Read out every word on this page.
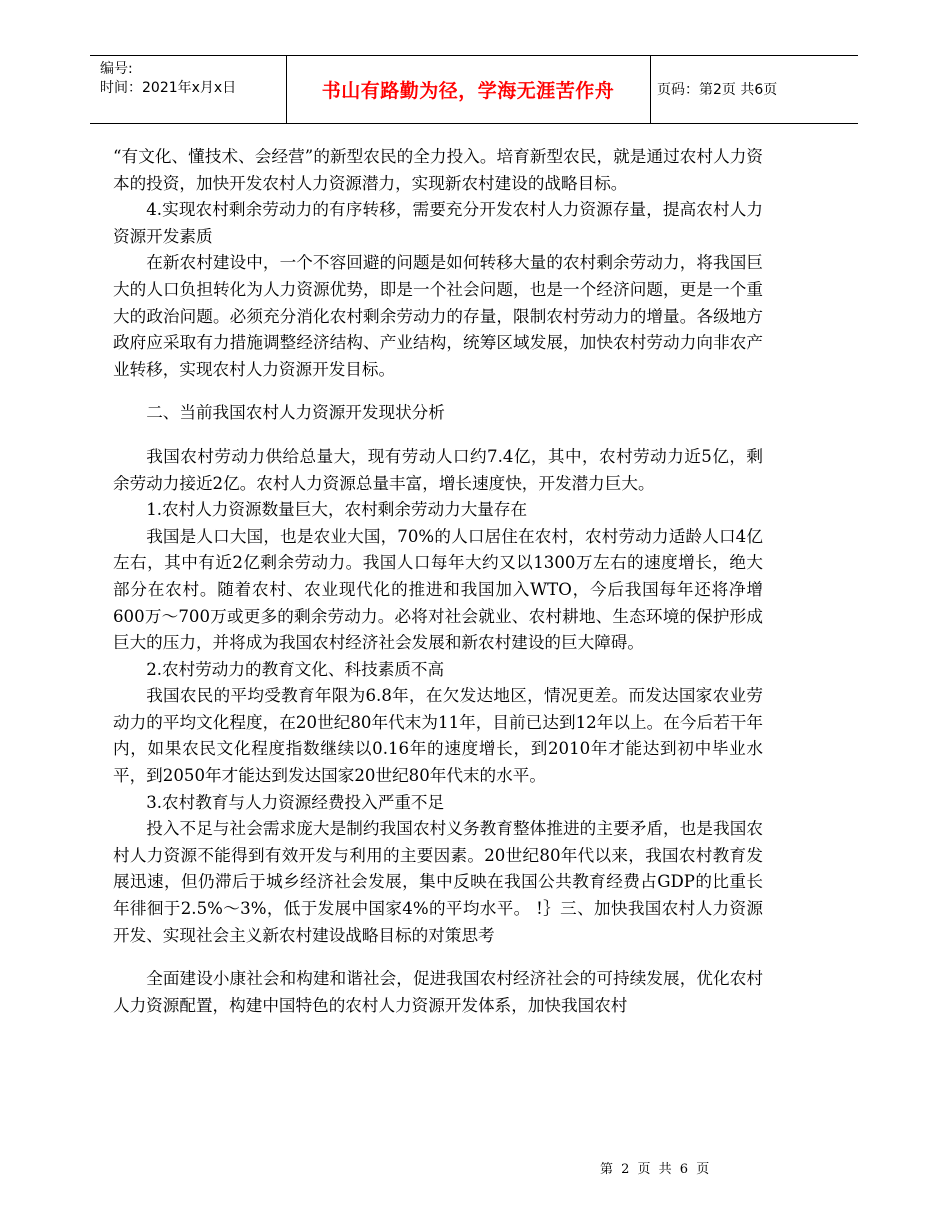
编号:
时间：2021年x月x日	书山有路勤为径，学海无涯苦作舟	页码：第2页 共6页

“有文化、懂技术、会经营”的新型农民的全力投入。培育新型农民，就是通过农村人力资本的投资，加快开发农村人力资源潜力，实现新农村建设的战略目标。

4.实现农村剩余劳动力的有序转移，需要充分开发农村人力资源存量，提高农村人力资源开发素质

在新农村建设中，一个不容回避的问题是如何转移大量的农村剩余劳动力，将我国巨大的人口负担转化为人力资源优势，即是一个社会问题，也是一个经济问题，更是一个重大的政治问题。必须充分消化农村剩余劳动力的存量，限制农村劳动力的增量。各级地方政府应采取有力措施调整经济结构、产业结构，统筹区域发展，加快农村劳动力向非农产业转移，实现农村人力资源开发目标。

二、当前我国农村人力资源开发现状分析

我国农村劳动力供给总量大，现有劳动人口约7.4亿，其中，农村劳动力近5亿，剩余劳动力接近2亿。农村人力资源总量丰富，增长速度快，开发潜力巨大。

1.农村人力资源数量巨大，农村剩余劳动力大量存在

我国是人口大国，也是农业大国，70%的人口居住在农村，农村劳动力适龄人口4亿左右，其中有近2亿剩余劳动力。我国人口每年大约又以1300万左右的速度增长，绝大部分在农村。随着农村、农业现代化的推进和我国加入WTO，今后我国每年还将净增600万～700万或更多的剩余劳动力。必将对社会就业、农村耕地、生态环境的保护形成巨大的压力，并将成为我国农村经济社会发展和新农村建设的巨大障碍。

2.农村劳动力的教育文化、科技素质不高

我国农民的平均受教育年限为6.8年，在欠发达地区，情况更差。而发达国家农业劳动力的平均文化程度，在20世纪80年代末为11年，目前已达到12年以上。在今后若干年内，如果农民文化程度指数继续以0.16年的速度增长，到2010年才能达到初中毕业水平，到2050年才能达到发达国家20世纪80年代末的水平。

3.农村教育与人力资源经费投入严重不足

投入不足与社会需求庞大是制约我国农村义务教育整体推进的主要矛盾，也是我国农村人力资源不能得到有效开发与利用的主要因素。20世纪80年代以来，我国农村教育发展迅速，但仍滞后于城乡经济社会发展，集中反映在我国公共教育经费占GDP的比重长年徘徊于2.5%～3%，低于发展中国家4%的平均水平。 !｝三、加快我国农村人力资源开发、实现社会主义新农村建设战略目标的对策思考

全面建设小康社会和构建和谐社会，促进我国农村经济社会的可持续发展，优化农村人力资源配置，构建中国特色的农村人力资源开发体系，加快我国农村

第 2 页 共 6 页
